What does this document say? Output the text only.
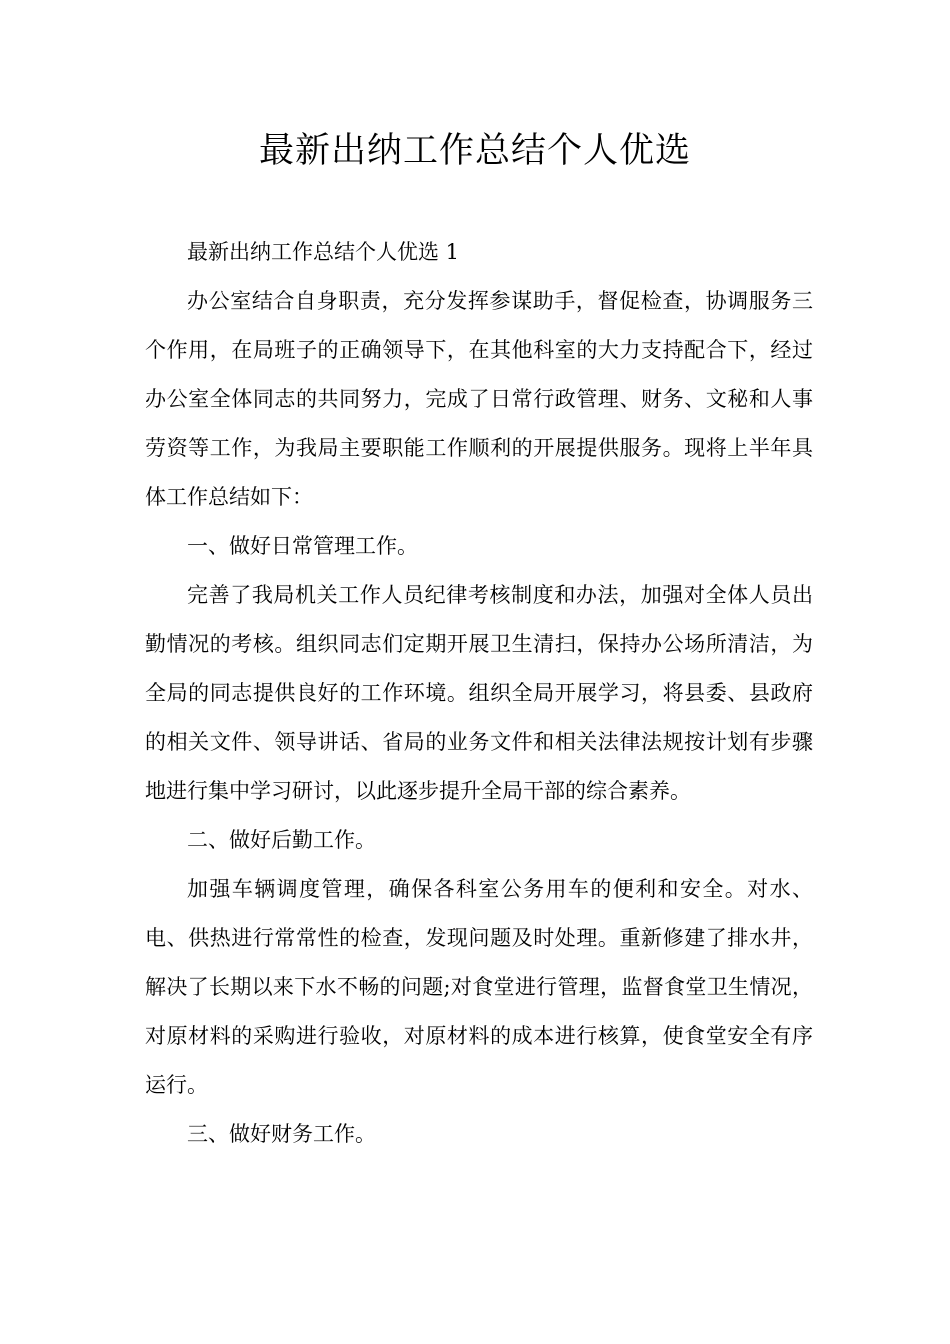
最新出纳工作总结个人优选

最新出纳工作总结个人优选 1

办公室结合自身职责，充分发挥参谋助手，督促检查，协调服务三个作用，在局班子的正确领导下，在其他科室的大力支持配合下，经过办公室全体同志的共同努力，完成了日常行政管理、财务、文秘和人事劳资等工作，为我局主要职能工作顺利的开展提供服务。现将上半年具体工作总结如下：

一、做好日常管理工作。

完善了我局机关工作人员纪律考核制度和办法，加强对全体人员出勤情况的考核。组织同志们定期开展卫生清扫，保持办公场所清洁，为全局的同志提供良好的工作环境。组织全局开展学习，将县委、县政府的相关文件、领导讲话、省局的业务文件和相关法律法规按计划有步骤地进行集中学习研讨，以此逐步提升全局干部的综合素养。

二、做好后勤工作。

加强车辆调度管理，确保各科室公务用车的便利和安全。对水、电、供热进行常常性的检查，发现问题及时处理。重新修建了排水井，解决了长期以来下水不畅的问题;对食堂进行管理，监督食堂卫生情况，对原材料的采购进行验收，对原材料的成本进行核算，使食堂安全有序运行。

三、做好财务工作。
